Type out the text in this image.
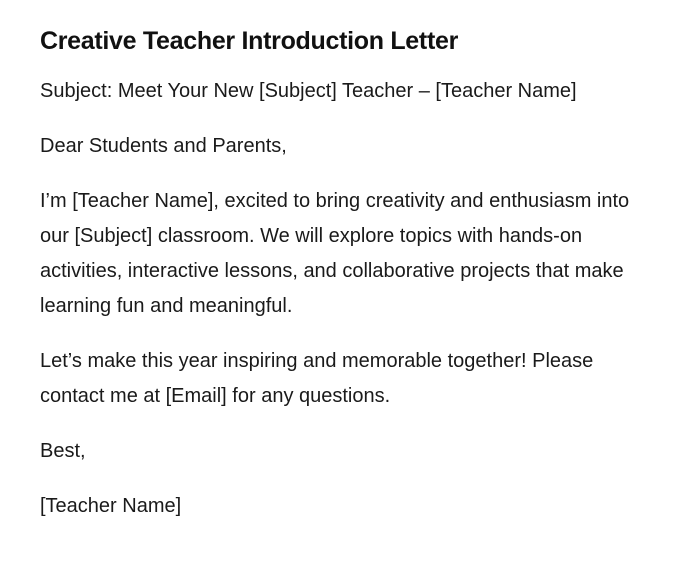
Creative Teacher Introduction Letter

Subject: Meet Your New [Subject] Teacher – [Teacher Name]

Dear Students and Parents,

I’m [Teacher Name], excited to bring creativity and enthusiasm into our [Subject] classroom. We will explore topics with hands-on activities, interactive lessons, and collaborative projects that make learning fun and meaningful.

Let’s make this year inspiring and memorable together! Please contact me at [Email] for any questions.

Best,

[Teacher Name]
